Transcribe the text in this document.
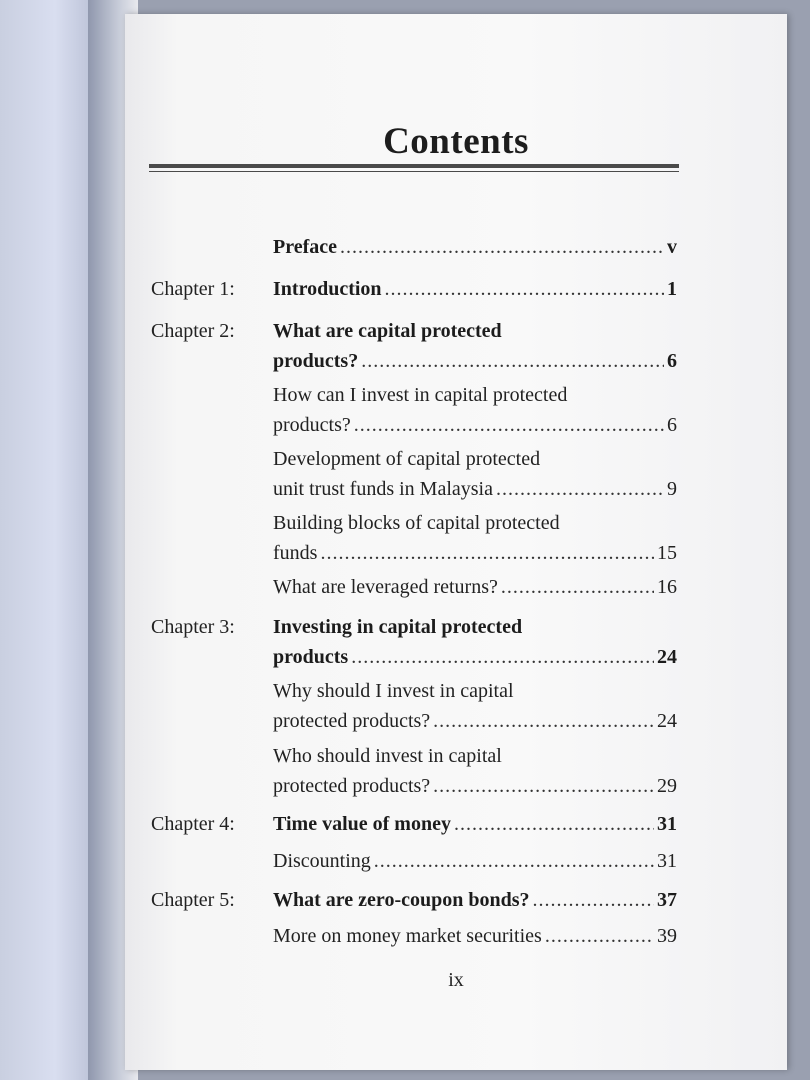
Contents
Preface .....	v
Chapter 1: Introduction .....	1
Chapter 2: What are capital protected
products? .....	6
How can I invest in capital protected
products? .....	6
Development of capital protected
unit trust funds in Malaysia .....	9
Building blocks of capital protected
funds .....	15
What are leveraged returns? .....	16
Chapter 3: Investing in capital protected
products .....	24
Why should I invest in capital
protected products? .....	24
Who should invest in capital
protected products? .....	29
Chapter 4: Time value of money .....	31
Discounting .....	31
Chapter 5: What are zero-coupon bonds? .....	37
More on money market securities .....	39
ix
